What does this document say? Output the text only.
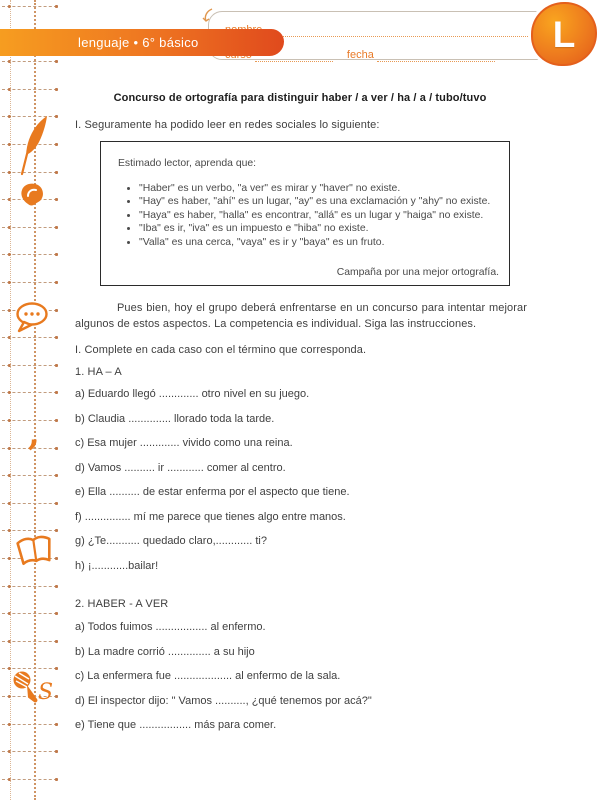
,
S
fecha
lenguaje • 6° básico	L
Concurso de ortografía para distinguir haber / a ver / ha / a / tubo/tuvo
I. Seguramente ha podido leer en redes sociales lo siguiente:
Estimado lector, aprenda que:
• "Haber" es un verbo, "a ver" es mirar y "haver" no existe.
• "Hay" es haber, "ahí" es un lugar, "ay" es una exclamación y "ahy" no existe.
• "Haya" es haber, "halla" es encontrar, "allá" es un lugar y "haiga" no existe.
• "Iba" es ir, "iva" es un impuesto e "hiba" no existe.
• "Valla" es una cerca, "vaya" es ir y "baya" es un fruto.
Campaña por una mejor ortografía.
Pues bien, hoy el grupo deberá enfrentarse en un concurso para intentar mejorar algunos de estos aspectos. La competencia es individual. Siga las instrucciones.
I. Complete en cada caso con el término que corresponda.
1. HA – A
a) Eduardo llegó ............. otro nivel en su juego.
b) Claudia .............. llorado toda la tarde.
c) Esa mujer ............. vivido como una reina.
d) Vamos .......... ir ............ comer al centro.
e) Ella .......... de estar enferma por el aspecto que tiene.
f) ............... mí me parece que tienes algo entre manos.
g) ¿Te........... quedado claro,............ ti?
h) ¡............bailar!
2. HABER - A VER
a) Todos fuimos ................. al enfermo.
b) La madre corrió .............. a su hijo
c) La enfermera fue ................... al enfermo de la sala.
d) El inspector dijo: " Vamos .........., ¿qué tenemos por acá?"
e) Tiene que ................. más para comer.
